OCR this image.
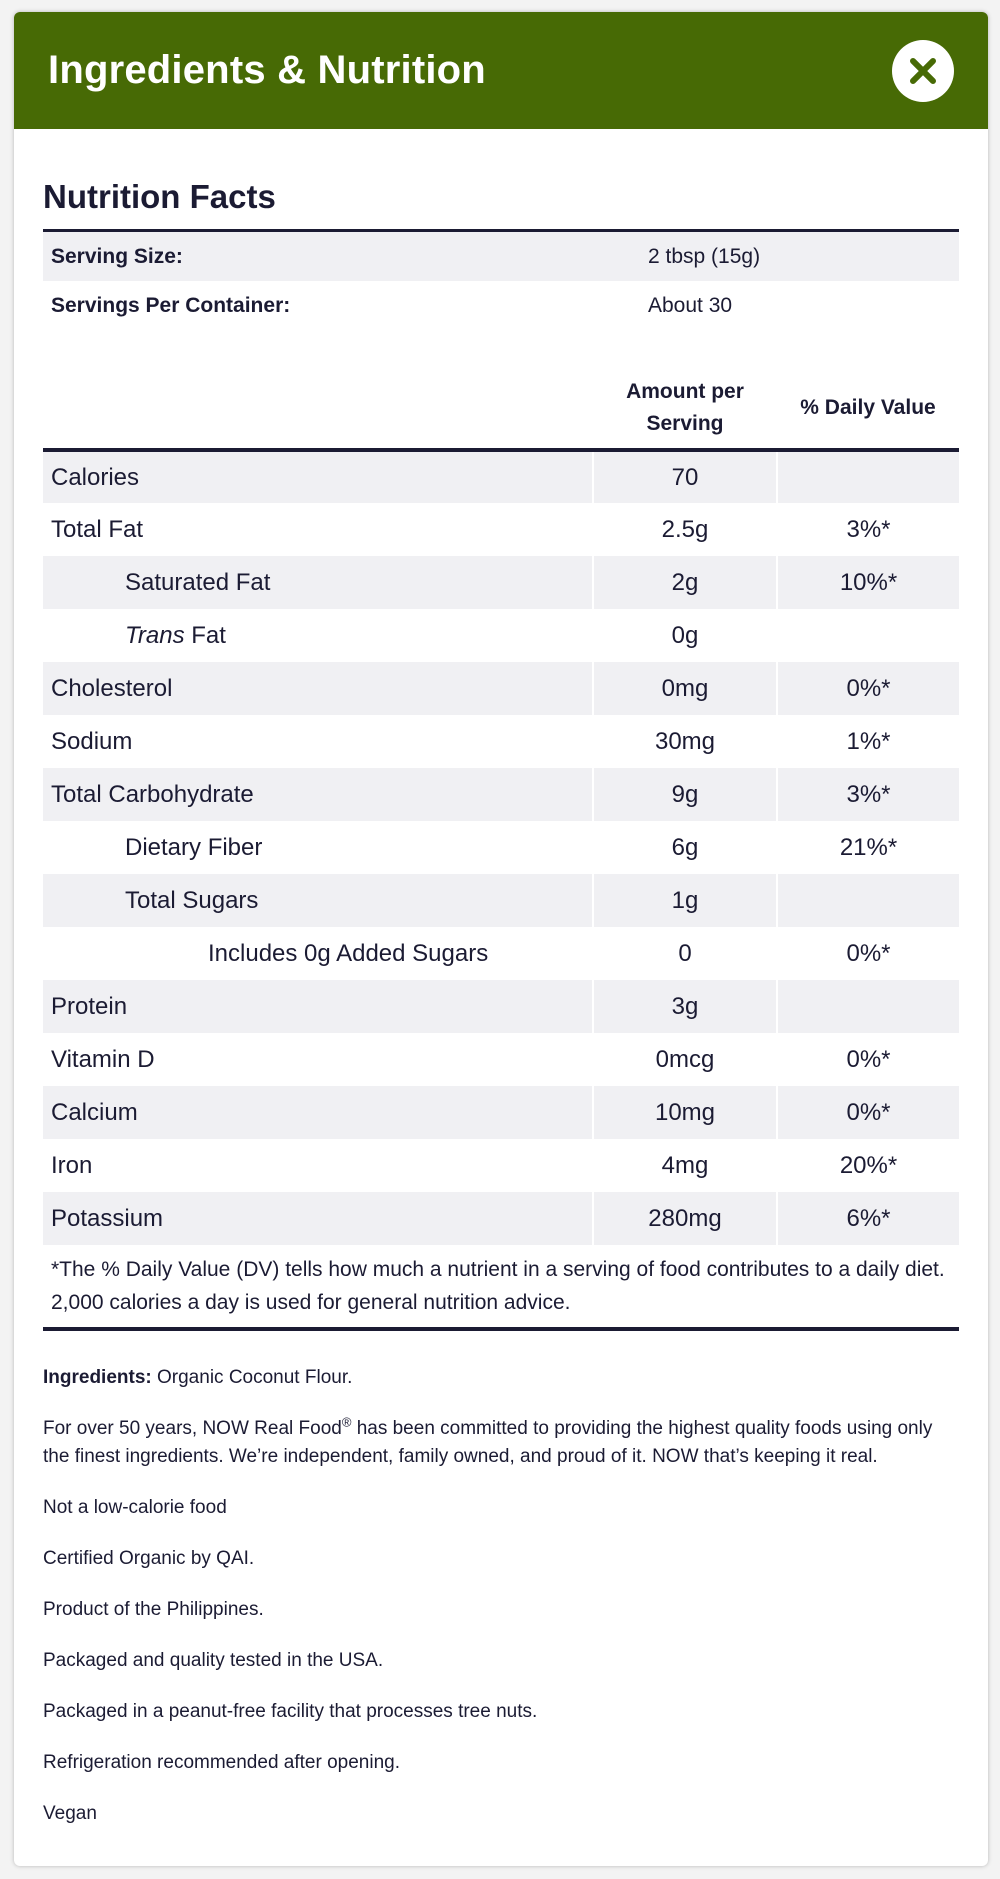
Ingredients & Nutrition
Nutrition Facts
Serving Size:	2 tbsp (15g)
Servings Per Container:	About 30
	Amount per Serving	% Daily Value
Calories	70	
Total Fat	2.5g	3%*
Saturated Fat	2g	10%*
Trans Fat	0g	
Cholesterol	0mg	0%*
Sodium	30mg	1%*
Total Carbohydrate	9g	3%*
Dietary Fiber	6g	21%*
Total Sugars	1g	
Includes 0g Added Sugars	0	0%*
Protein	3g	
Vitamin D	0mcg	0%*
Calcium	10mg	0%*
Iron	4mg	20%*
Potassium	280mg	6%*
*The % Daily Value (DV) tells how much a nutrient in a serving of food contributes to a daily diet. 2,000 calories a day is used for general nutrition advice.		

Ingredients: Organic Coconut Flour.

For over 50 years, NOW Real Food® has been committed to providing the highest quality foods using only the finest ingredients. We’re independent, family owned, and proud of it. NOW that’s keeping it real.

Not a low-calorie food

Certified Organic by QAI.

Product of the Philippines.

Packaged and quality tested in the USA.

Packaged in a peanut-free facility that processes tree nuts.

Refrigeration recommended after opening.

Vegan
